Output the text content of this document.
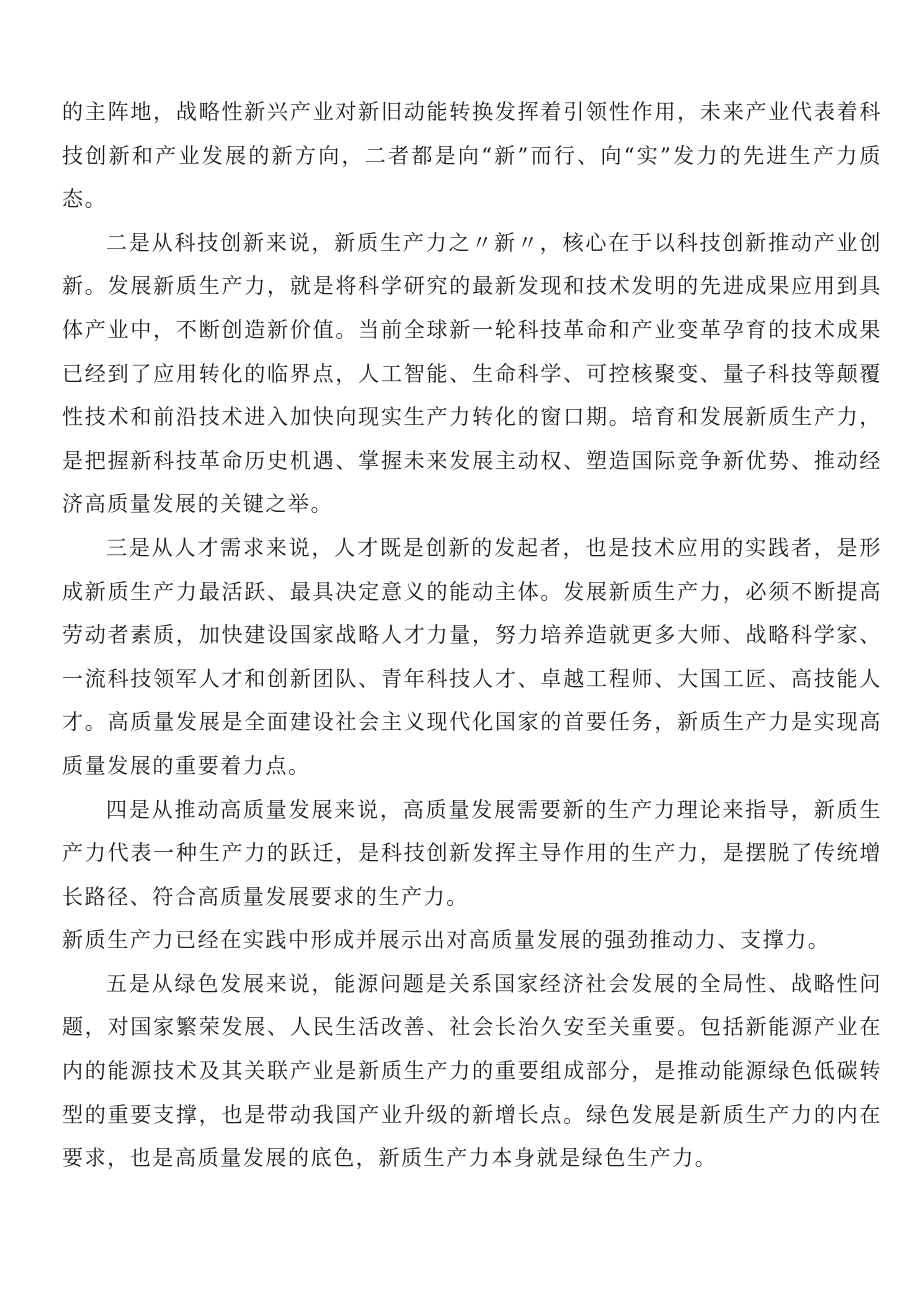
的主阵地，战略性新兴产业对新旧动能转换发挥着引领性作用，未来产业代表着科技创新和产业发展的新方向，二者都是向“新”而行、向“实”发力的先进生产力质态。

二是从科技创新来说，新质生产力之〃新〃，核心在于以科技创新推动产业创新。发展新质生产力，就是将科学研究的最新发现和技术发明的先进成果应用到具体产业中，不断创造新价值。当前全球新一轮科技革命和产业变革孕育的技术成果已经到了应用转化的临界点，人工智能、生命科学、可控核聚变、量子科技等颠覆性技术和前沿技术进入加快向现实生产力转化的窗口期。培育和发展新质生产力，是把握新科技革命历史机遇、掌握未来发展主动权、塑造国际竞争新优势、推动经济高质量发展的关键之举。

三是从人才需求来说，人才既是创新的发起者，也是技术应用的实践者，是形成新质生产力最活跃、最具决定意义的能动主体。发展新质生产力，必须不断提高劳动者素质，加快建设国家战略人才力量，努力培养造就更多大师、战略科学家、一流科技领军人才和创新团队、青年科技人才、卓越工程师、大国工匠、高技能人才。高质量发展是全面建设社会主义现代化国家的首要任务，新质生产力是实现高质量发展的重要着力点。

四是从推动高质量发展来说，高质量发展需要新的生产力理论来指导，新质生产力代表一种生产力的跃迁，是科技创新发挥主导作用的生产力，是摆脱了传统增长路径、符合高质量发展要求的生产力。

新质生产力已经在实践中形成并展示出对高质量发展的强劲推动力、支撑力。

五是从绿色发展来说，能源问题是关系国家经济社会发展的全局性、战略性问题，对国家繁荣发展、人民生活改善、社会长治久安至关重要。包括新能源产业在内的能源技术及其关联产业是新质生产力的重要组成部分，是推动能源绿色低碳转型的重要支撑，也是带动我国产业升级的新增长点。绿色发展是新质生产力的内在要求，也是高质量发展的底色，新质生产力本身就是绿色生产力。
